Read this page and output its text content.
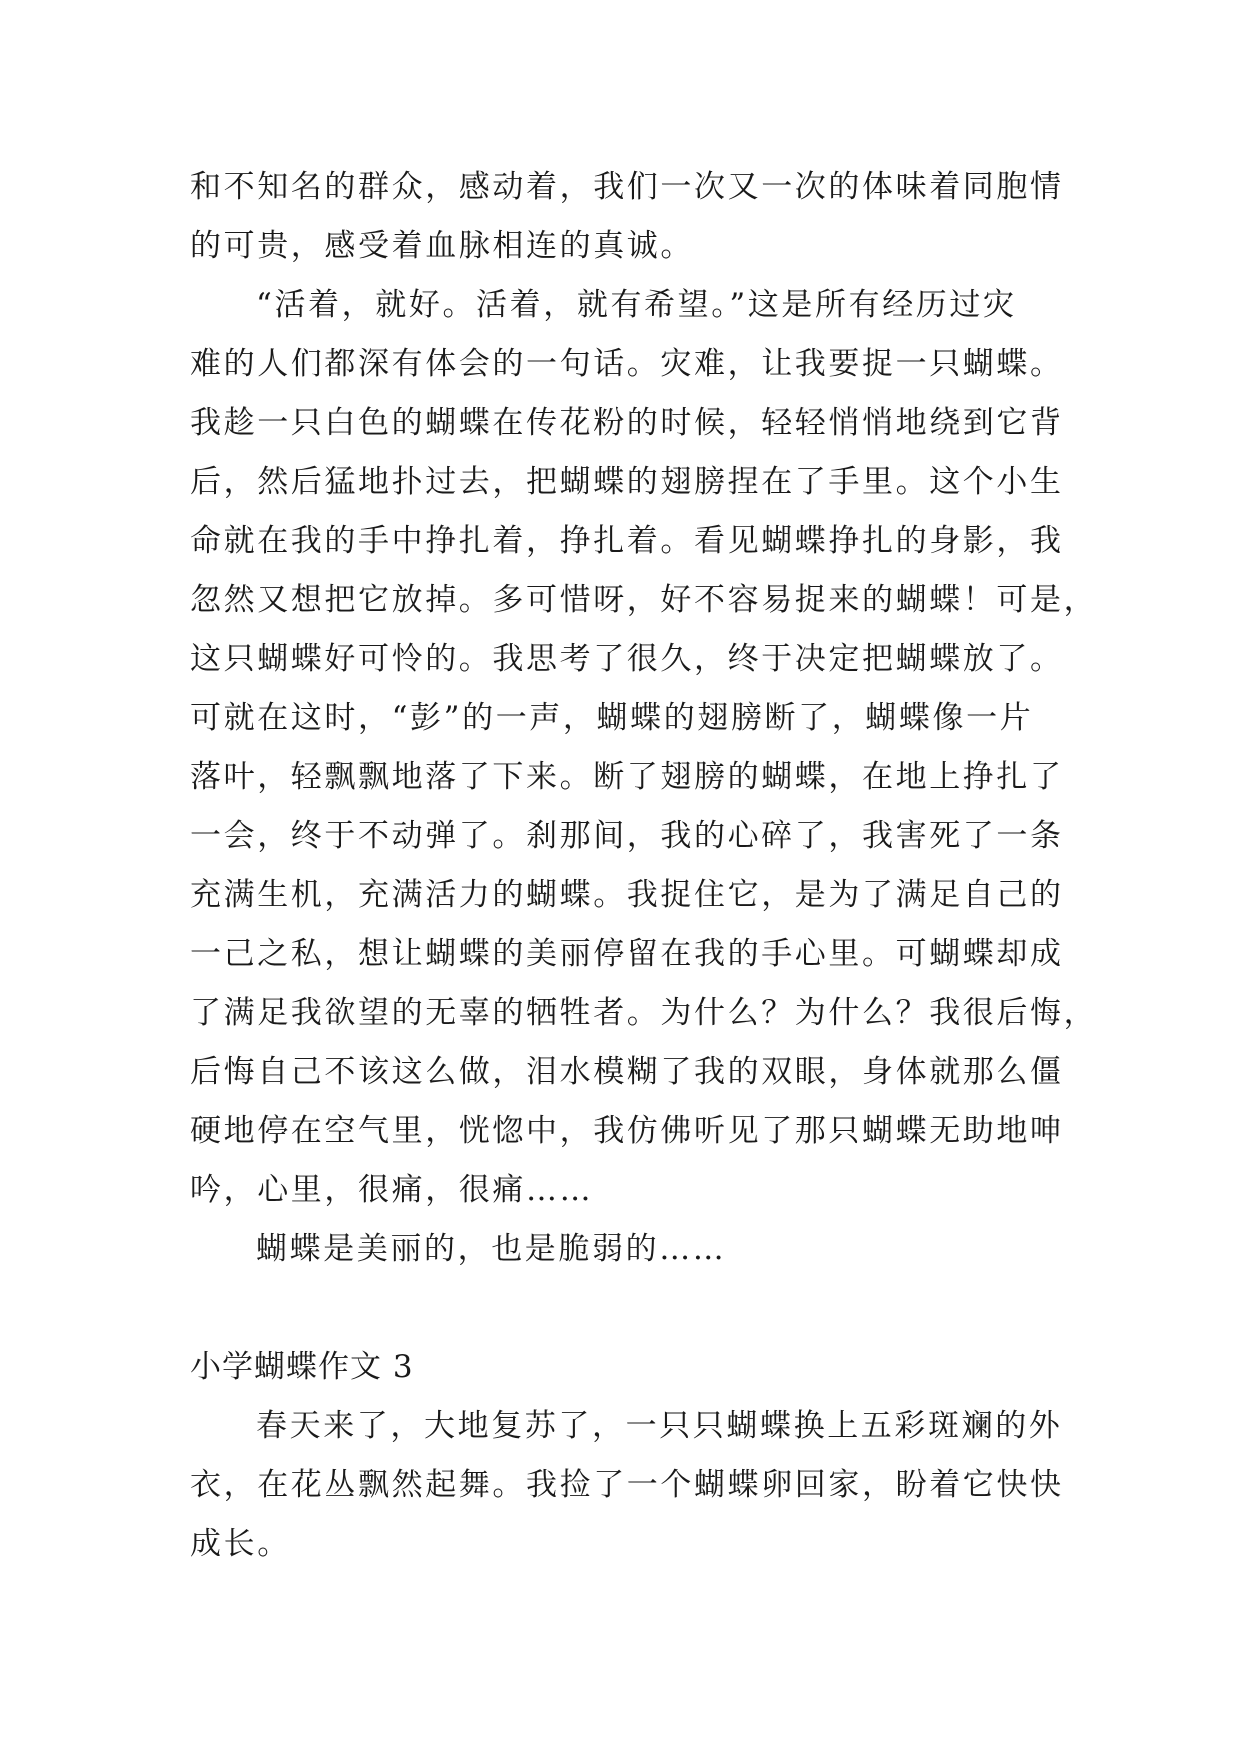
和不知名的群众，感动着，我们一次又一次的体味着同胞情
的可贵，感受着血脉相连的真诚。
“活着，就好。活着，就有希望。”这是所有经历过灾
难的人们都深有体会的一句话。灾难，让我要捉一只蝴蝶。
我趁一只白色的蝴蝶在传花粉的时候，轻轻悄悄地绕到它背
后，然后猛地扑过去，把蝴蝶的翅膀捏在了手里。这个小生
命就在我的手中挣扎着，挣扎着。看见蝴蝶挣扎的身影，我
忽然又想把它放掉。多可惜呀，好不容易捉来的蝴蝶！可是，
这只蝴蝶好可怜的。我思考了很久，终于决定把蝴蝶放了。
可就在这时，“彭”的一声，蝴蝶的翅膀断了，蝴蝶像一片
落叶，轻飘飘地落了下来。断了翅膀的蝴蝶，在地上挣扎了
一会，终于不动弹了。刹那间，我的心碎了，我害死了一条
充满生机，充满活力的蝴蝶。我捉住它，是为了满足自己的
一己之私，想让蝴蝶的美丽停留在我的手心里。可蝴蝶却成
了满足我欲望的无辜的牺牲者。为什么？为什么？我很后悔，
后悔自己不该这么做，泪水模糊了我的双眼，身体就那么僵
硬地停在空气里，恍惚中，我仿佛听见了那只蝴蝶无助地呻
吟，心里，很痛，很痛……
蝴蝶是美丽的，也是脆弱的……
小学蝴蝶作文 3
春天来了，大地复苏了，一只只蝴蝶换上五彩斑斓的外
衣，在花丛飘然起舞。我捡了一个蝴蝶卵回家，盼着它快快
成长。
